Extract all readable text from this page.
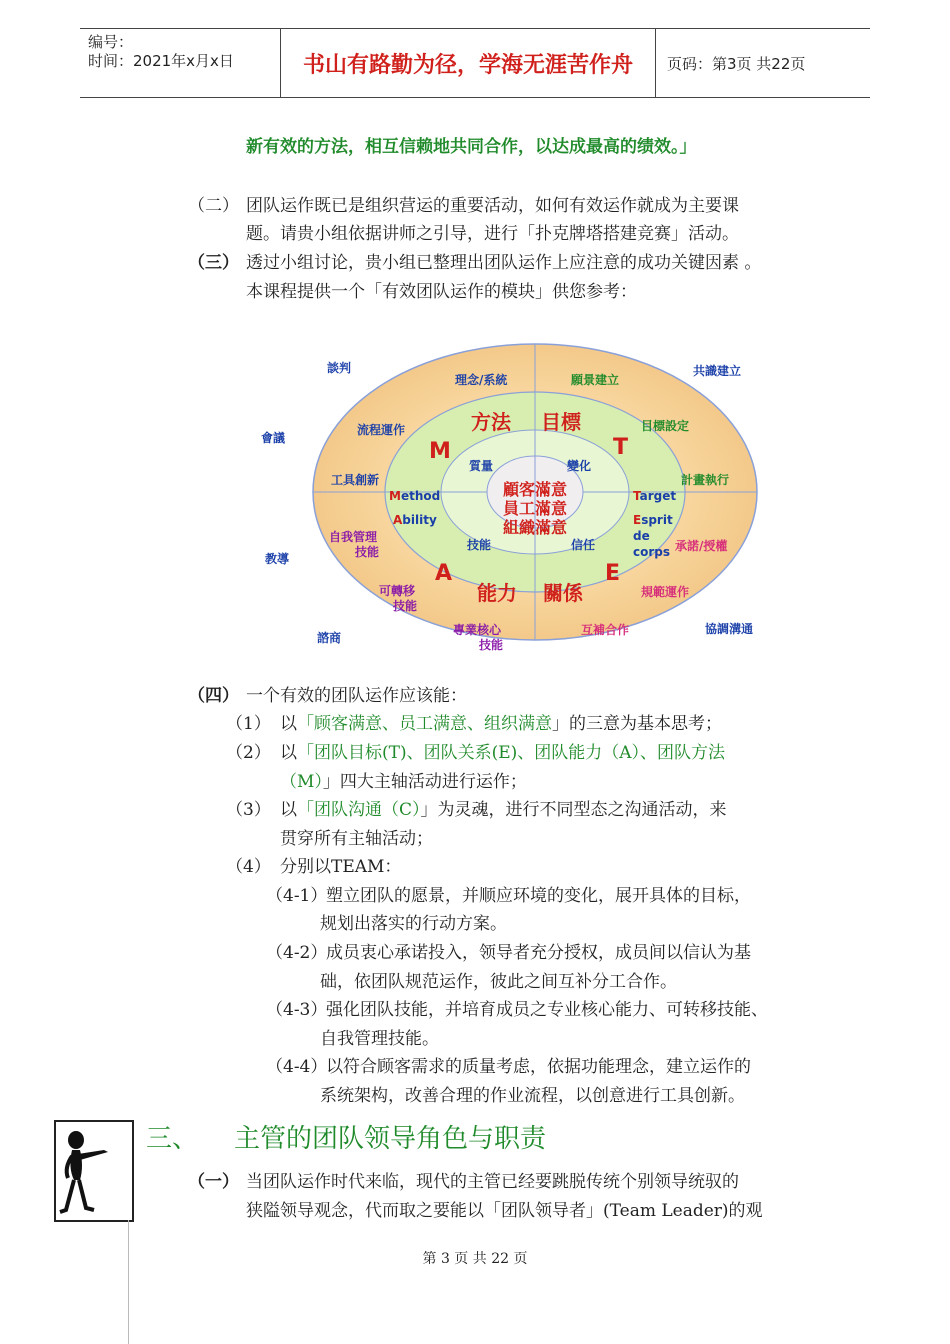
编号：
时间：2021年x月x日	书山有路勤为径，学海无涯苦作舟	页码：第3页 共22页
新有效的方法，相互信赖地共同合作，以达成最高的绩效。」
（二） 团队运作既已是组织营运的重要活动，如何有效运作就成为主要课
题。请贵小组依据讲师之引导，进行「扑克牌塔搭建竞赛」活动。
（三） 透过小组讨论，贵小组已整理出团队运作上应注意的成功关键因素 。
本课程提供一个「有效团队运作的模块」供您参考：
談判
會議
教導
諮商
共識建立
協調溝通
理念/系統	願景建立
流程運作
工具創新
自我管理
技能
可轉移
技能
專業核心
技能
目標設定
計畫執行
承諾/授權
規範運作
互補合作
方法 目標
能力 關係
M	T
A	E
Method
Ability
Target
Esprit
de
corps
質量	變化
技能	信任
顧客滿意
員工滿意
組織滿意
（四） 一个有效的团队运作应该能：
（1） 以「顾客满意、员工满意、组织满意」的三意为基本思考；
（2） 以「团队目标(T)、团队关系(E)、团队能力（A）、团队方法
（M）」四大主轴活动进行运作；
（3） 以「团队沟通（C）」为灵魂，进行不同型态之沟通活动，来
贯穿所有主轴活动；
（4） 分别以TEAM：
（4-1）
塑立团队的愿景，并顺应环境的变化，展开具体的目标，
规划出落实的行动方案。
（4-2）
成员衷心承诺投入，领导者充分授权，成员间以信认为基
础，依团队规范运作，彼此之间互补分工合作。
（4-3）
强化团队技能，并培育成员之专业核心能力、可转移技能、
自我管理技能。
（4-4）
以符合顾客需求的质量考虑，依据功能理念，建立运作的
系统架构，改善合理的作业流程，以创意进行工具创新。
三、 主管的团队领导角色与职责
（一） 当团队运作时代来临，现代的主管已经要跳脱传统个别领导统驭的
狭隘领导观念，代而取之要能以「团队领导者」(Team Leader)的观
第 3 页 共 22 页
